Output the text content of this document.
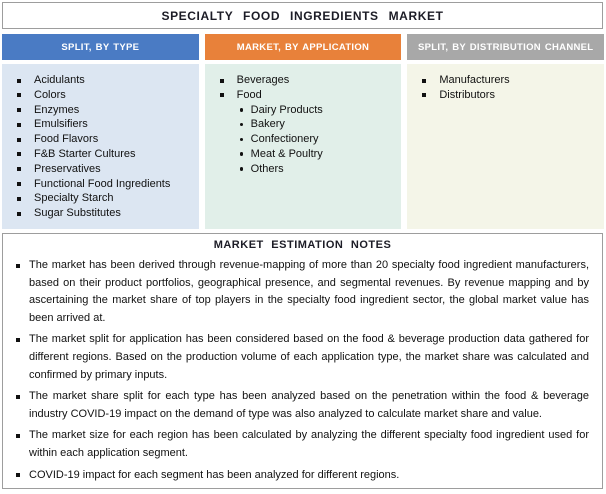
SPECIALTY FOOD INGREDIENTS MARKET
SPLIT, BY TYPE	MARKET, BY APPLICATION	SPLIT, BY DISTRIBUTION CHANNEL
Acidulants
Colors
Enzymes
Emulsifiers
Food Flavors
F&B Starter Cultures
Preservatives
Functional Food Ingredients
Specialty Starch
Sugar Substitutes
Beverages
Food
Dairy Products
Bakery
Confectionery
Meat & Poultry
Others
Manufacturers
Distributors
MARKET ESTIMATION NOTES
The market has been derived through revenue-mapping of more than 20 specialty food ingredient manufacturers, based on their product portfolios, geographical presence, and segmental revenues. By revenue mapping and by ascertaining the market share of top players in the specialty food ingredient sector, the global market value has been arrived at.
The market split for application has been considered based on the food & beverage production data gathered for different regions. Based on the production volume of each application type, the market share was calculated and confirmed by primary inputs.
The market share split for each type has been analyzed based on the penetration within the food & beverage industry COVID-19 impact on the demand of type was also analyzed to calculate market share and value.
The market size for each region has been calculated by analyzing the different specialty food ingredient used for within each application segment.
COVID-19 impact for each segment has been analyzed for different regions.
